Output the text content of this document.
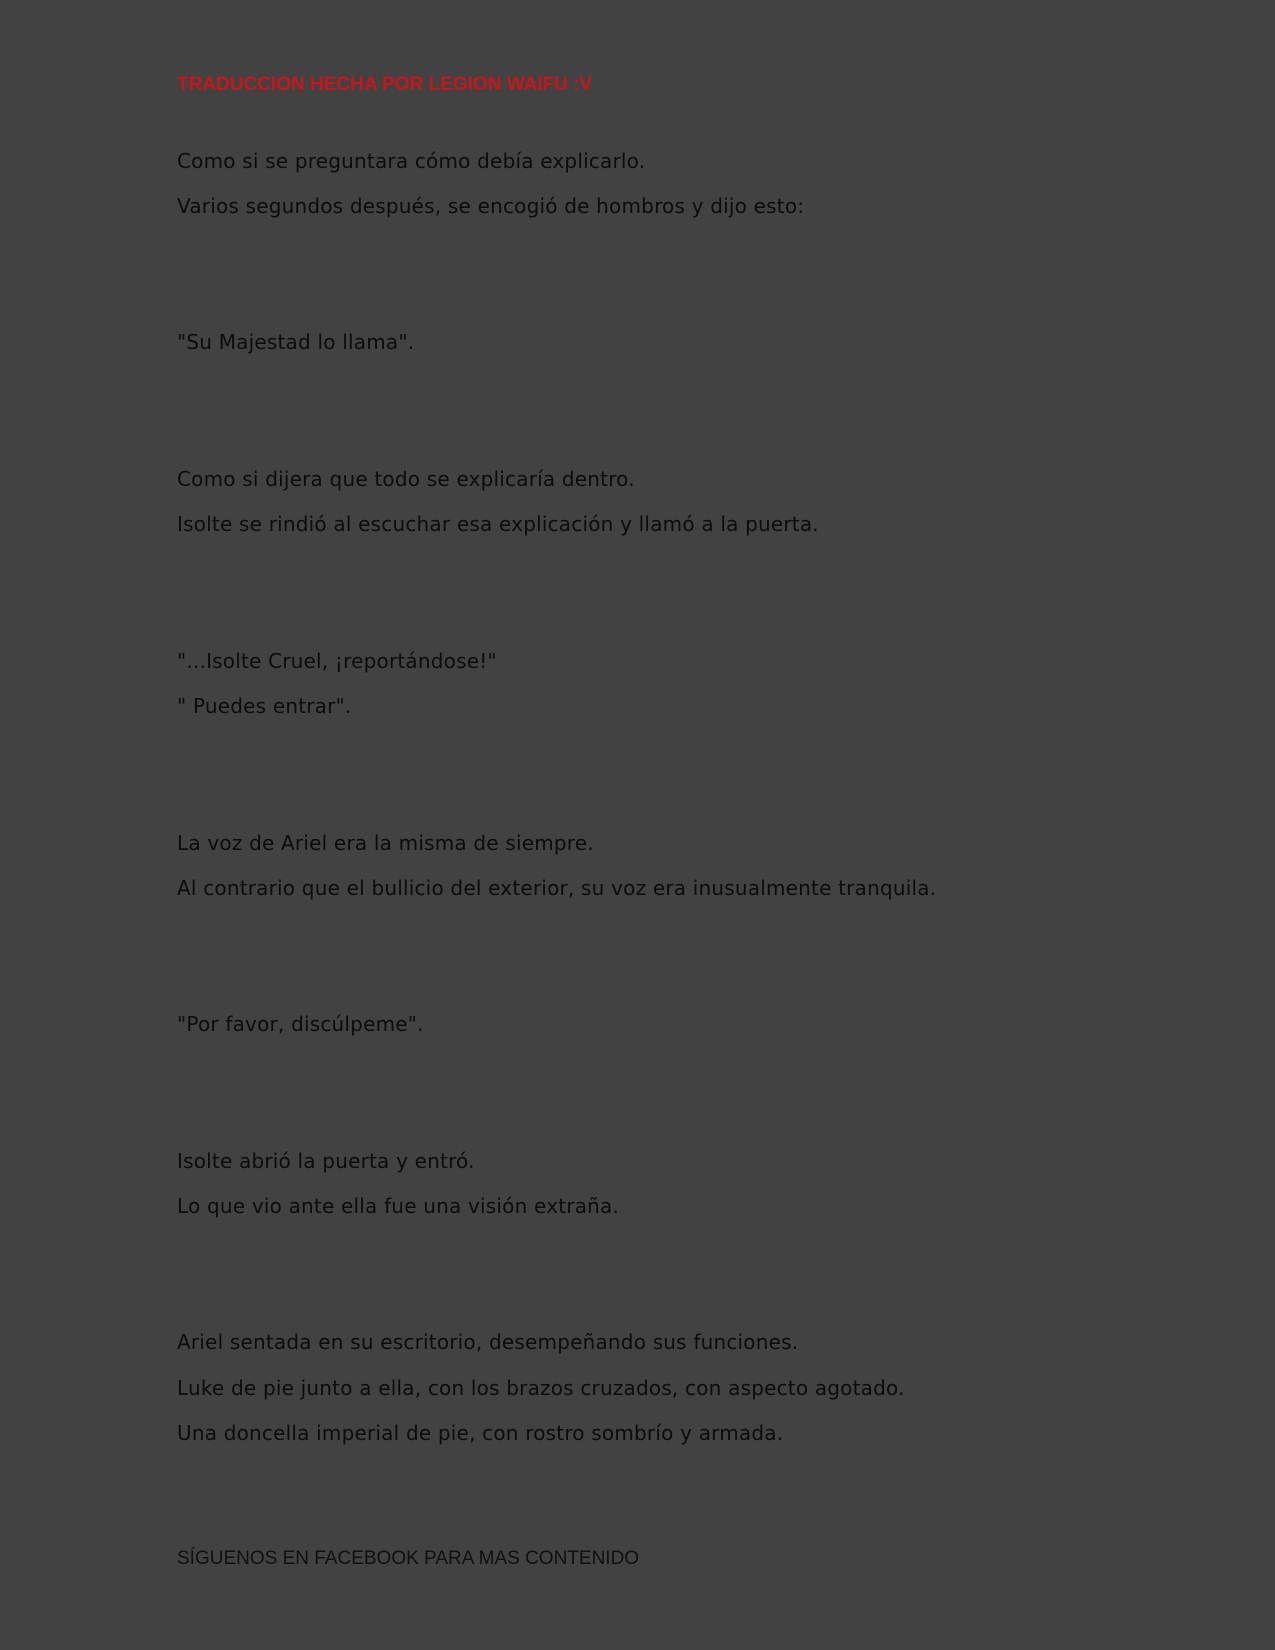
TRADUCCION HECHA POR LEGION WAIFU :V
Como si se preguntara cómo debía explicarlo.
Varios segundos después, se encogió de hombros y dijo esto:
"Su Majestad lo llama".
Como si dijera que todo se explicaría dentro.
Isolte se rindió al escuchar esa explicación y llamó a la puerta.
"...Isolte Cruel, ¡reportándose!"
" Puedes entrar".
La voz de Ariel era la misma de siempre.
Al contrario que el bullicio del exterior, su voz era inusualmente tranquila.
"Por favor, discúlpeme".
Isolte abrió la puerta y entró.
Lo que vio ante ella fue una visión extraña.
Ariel sentada en su escritorio, desempeñando sus funciones.
Luke de pie junto a ella, con los brazos cruzados, con aspecto agotado.
Una doncella imperial de pie, con rostro sombrío y armada.
SÍGUENOS EN FACEBOOK PARA MAS CONTENIDO
